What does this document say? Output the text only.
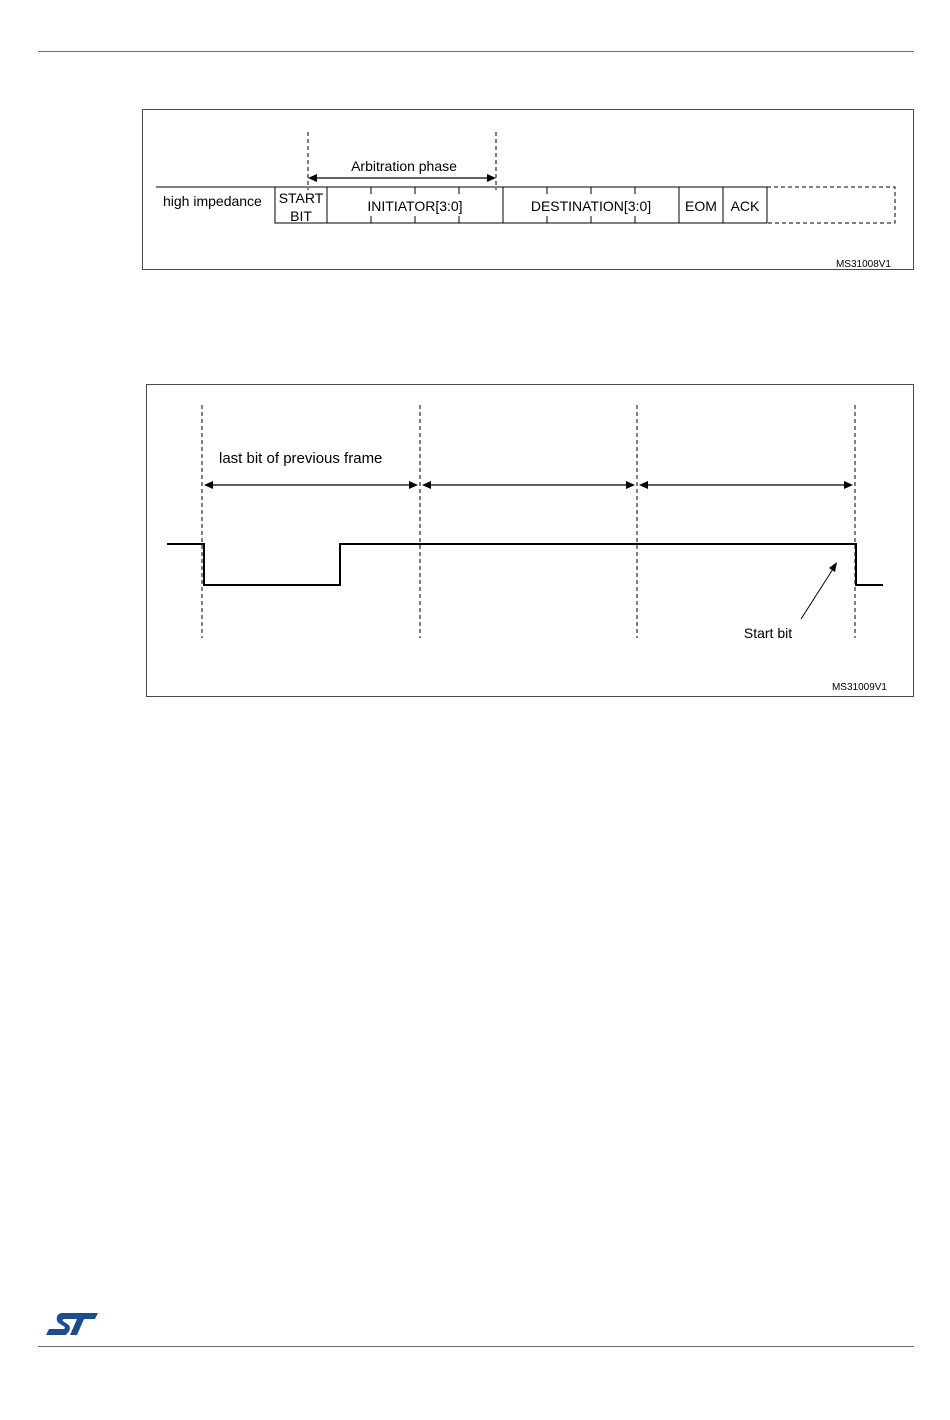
Arbitration phase
high impedance START
BIT
INITIATOR[3:0]	DESTINATION[3:0] EOM ACK
MS31008V1
last bit of previous frame
Start bit
MS31009V1
